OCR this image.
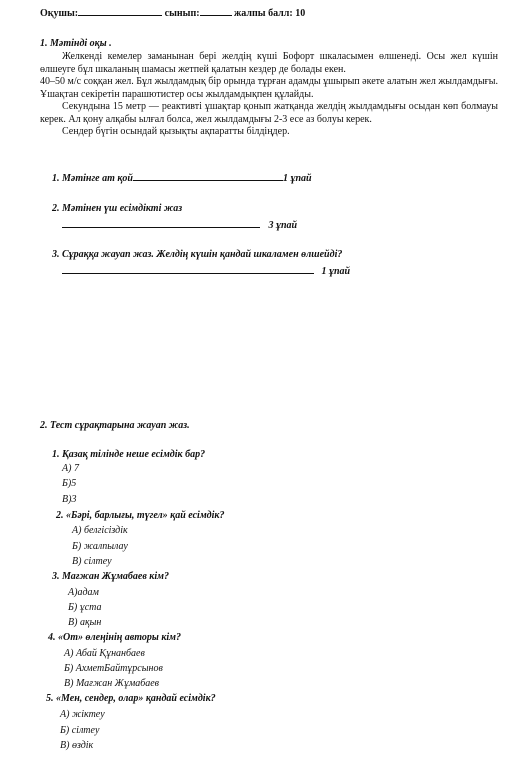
Оқушы:	сынып:	жалпы балл: 10
1. Мәтінді оқы .
Желкенді кемелер заманынан бері желдің күші Бофорт шкаласымен өлшенеді. Осы жел күшін өлшеуге бұл шкаланың шамасы жетпей қалатын кездер де болады екен.
40–50 м/с соққан жел. Бұл жылдамдық бір орында тұрған адамды ұшырып әкете алатын жел жылдамдығы. Ұшақтан секіретін парашютистер осы жылдамдықпен құлайды.
Секундына 15 метр — реактивті ұшақтар қонып жатқанда желдің жылдамдығы осыдан көп болмауы керек. Ал қону алқабы ылғал болса, жел жылдамдығы 2-3 есе аз болуы керек.
Сендер бүгін осындай қызықты ақпаратты білдіңдер.
1. Мәтінге ат қой	1 ұпай
2. Мәтінен үш есімдікті жаз
3 ұпай
3. Сұраққа жауап жаз. Желдің күшін қандай шкаламен өлшейді?
1 ұпай
2. Тест сұрақтарына жауап жаз.
1. Қазақ тілінде неше есімдік бар?
А) 7
Б)5
В)3
2. «Бәрі, барлығы, түгел» қай есімдік?
А) белгісіздік
Б) жалпылау
В) сілтеу
3. Мағжан Жұмабаев кім?
А)адам
Б) ұста
В) ақын
4. «От» өлеңінің авторы кім?
А) Абай Құнанбаев
Б) АхметБайтұрсынов
В) Мағжан Жұмабаев
5. «Мен, сендер, олар» қандай есімдік?
А) жіктеу
Б) сілтеу
В) өздік
